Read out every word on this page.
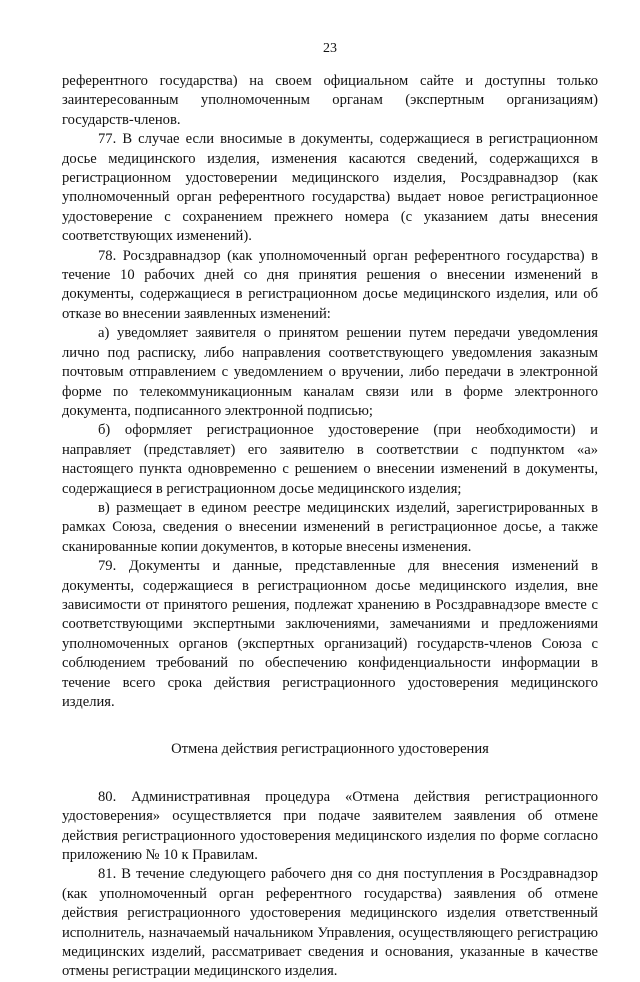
23

референтного государства) на своем официальном сайте и доступны только заинтересованным уполномоченным органам (экспертным организациям) государств-членов.

77. В случае если вносимые в документы, содержащиеся в регистрационном досье медицинского изделия, изменения касаются сведений, содержащихся в регистрационном удостоверении медицинского изделия, Росздравнадзор (как уполномоченный орган референтного государства) выдает новое регистрационное удостоверение с сохранением прежнего номера (с указанием даты внесения соответствующих изменений).

78. Росздравнадзор (как уполномоченный орган референтного государства) в течение 10 рабочих дней со дня принятия решения о внесении изменений в документы, содержащиеся в регистрационном досье медицинского изделия, или об отказе во внесении заявленных изменений:

а) уведомляет заявителя о принятом решении путем передачи уведомления лично под расписку, либо направления соответствующего уведомления заказным почтовым отправлением с уведомлением о вручении, либо передачи в электронной форме по телекоммуникационным каналам связи или в форме электронного документа, подписанного электронной подписью;

б) оформляет регистрационное удостоверение (при необходимости) и направляет (представляет) его заявителю в соответствии с подпунктом «а» настоящего пункта одновременно с решением о внесении изменений в документы, содержащиеся в регистрационном досье медицинского изделия;

в) размещает в едином реестре медицинских изделий, зарегистрированных в рамках Союза, сведения о внесении изменений в регистрационное досье, а также сканированные копии документов, в которые внесены изменения.

79. Документы и данные, представленные для внесения изменений в документы, содержащиеся в регистрационном досье медицинского изделия, вне зависимости от принятого решения, подлежат хранению в Росздравнадзоре вместе с соответствующими экспертными заключениями, замечаниями и предложениями уполномоченных органов (экспертных организаций) государств-членов Союза с соблюдением требований по обеспечению конфиденциальности информации в течение всего срока действия регистрационного удостоверения медицинского изделия.

Отмена действия регистрационного удостоверения

80. Административная процедура «Отмена действия регистрационного удостоверения» осуществляется при подаче заявителем заявления об отмене действия регистрационного удостоверения медицинского изделия по форме согласно приложению № 10 к Правилам.

81. В течение следующего рабочего дня со дня поступления в Росздравнадзор (как уполномоченный орган референтного государства) заявления об отмене действия регистрационного удостоверения медицинского изделия ответственный исполнитель, назначаемый начальником Управления, осуществляющего регистрацию медицинских изделий, рассматривает сведения и основания, указанные в качестве отмены регистрации медицинского изделия.
